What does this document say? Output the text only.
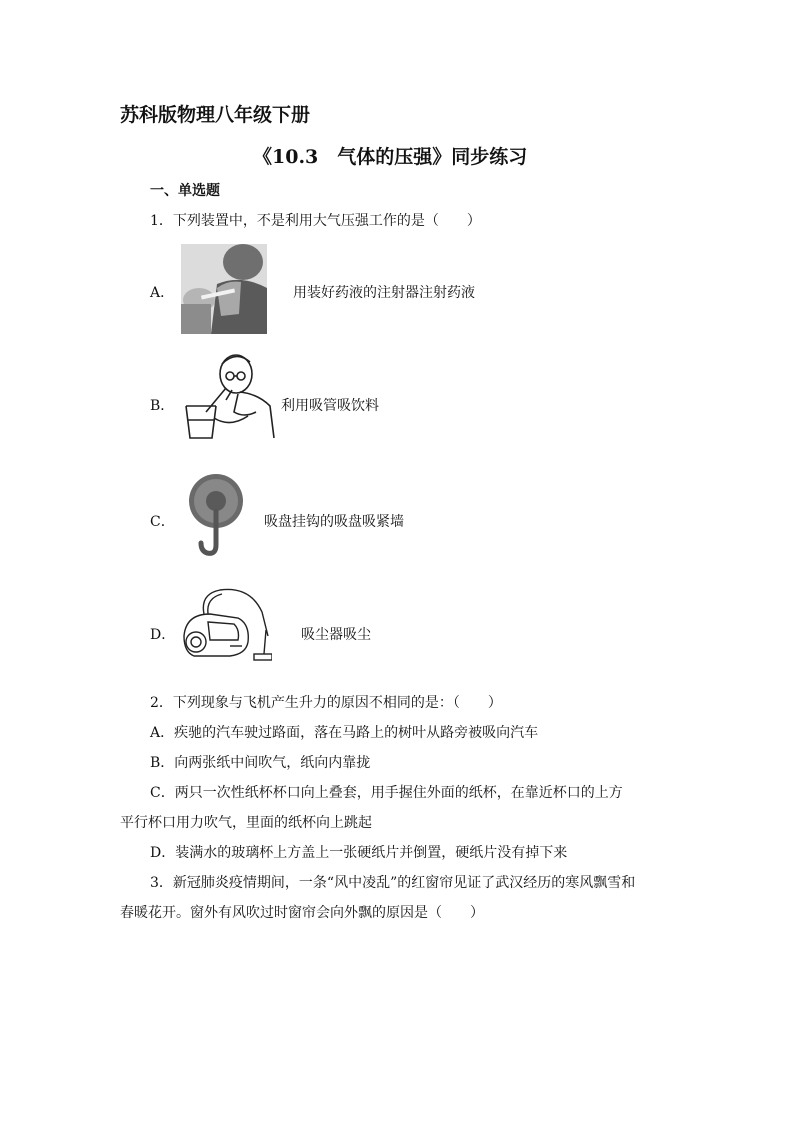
苏科版物理八年级下册
《10.3　气体的压强》同步练习
一、单选题
1．下列装置中，不是利用大气压强工作的是（　　）
A．	用装好药液的注射器注射药液
B．	利用吸管吸饮料
C．	吸盘挂钩的吸盘吸紧墙
D．	吸尘器吸尘
2．下列现象与飞机产生升力的原因不相同的是：（　　）
A．疾驰的汽车驶过路面，落在马路上的树叶从路旁被吸向汽车
B．向两张纸中间吹气，纸向内靠拢
C．两只一次性纸杯杯口向上叠套，用手握住外面的纸杯，在靠近杯口的上方
平行杯口用力吹气，里面的纸杯向上跳起
D．装满水的玻璃杯上方盖上一张硬纸片并倒置，硬纸片没有掉下来
3．新冠肺炎疫情期间，一条“风中凌乱”的红窗帘见证了武汉经历的寒风飘雪和
春暖花开。窗外有风吹过时窗帘会向外飘的原因是（　　）
